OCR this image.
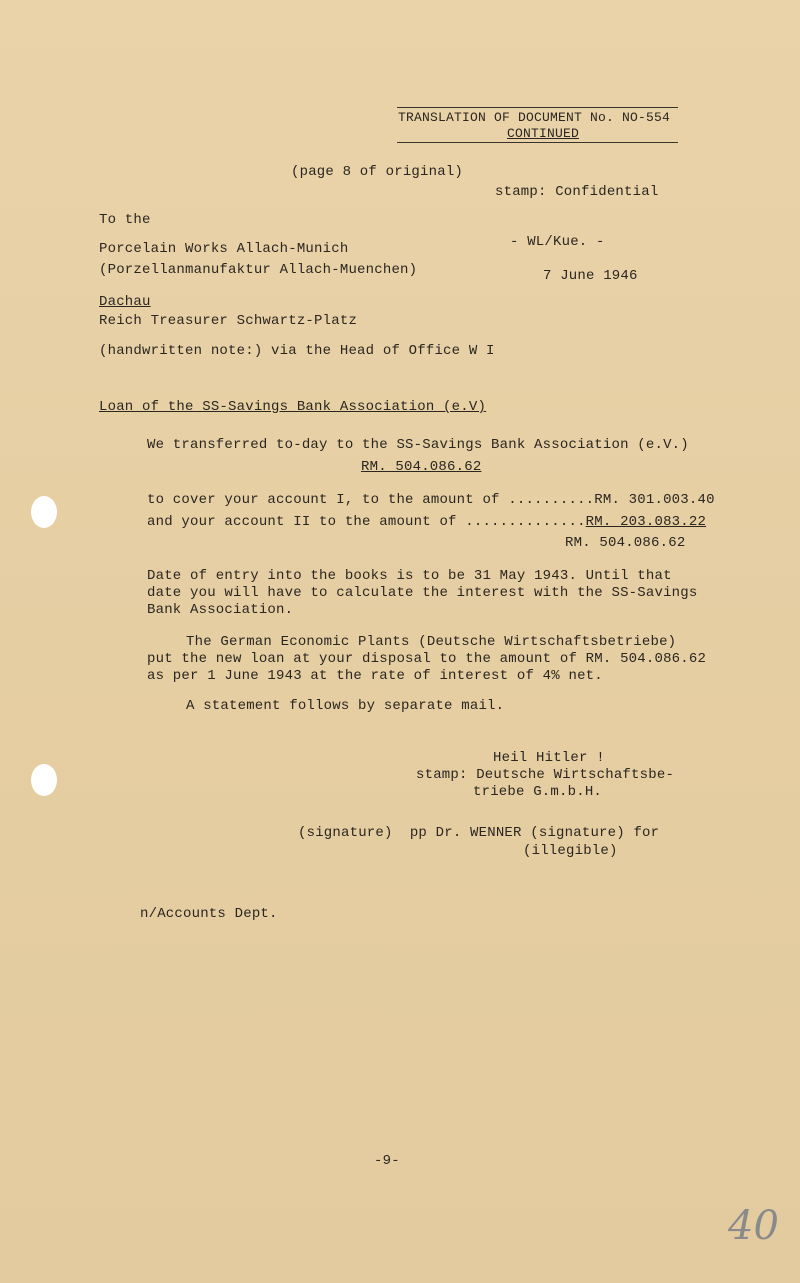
TRANSLATION OF DOCUMENT No. NO-554
CONTINUED
(page 8 of original)
stamp: Confidential
To the
Porcelain Works Allach-Munich
(Porzellanmanufaktur Allach-Muenchen)
- WL/Kue. -
7 June 1946
Dachau
Reich Treasurer Schwartz-Platz
(handwritten note:) via the Head of Office W I
Loan of the SS-Savings Bank Association (e.V)
We transferred to-day to the SS-Savings Bank Association (e.V.)
RM. 504.086.62
to cover your account I, to the amount of ..........RM. 301.003.40
and your account II to the amount of ..............RM. 203.083.22
RM. 504.086.62
Date of entry into the books is to be 31 May 1943. Until that
date you will have to calculate the interest with the SS-Savings
Bank Association.
The German Economic Plants (Deutsche Wirtschaftsbetriebe)
put the new loan at your disposal to the amount of RM. 504.086.62
as per 1 June 1943 at the rate of interest of 4% net.
A statement follows by separate mail.
Heil Hitler !
stamp: Deutsche Wirtschaftsbe-
triebe G.m.b.H.
(signature)  pp Dr. WENNER (signature) for
(illegible)
n/Accounts Dept.
-9-
40
